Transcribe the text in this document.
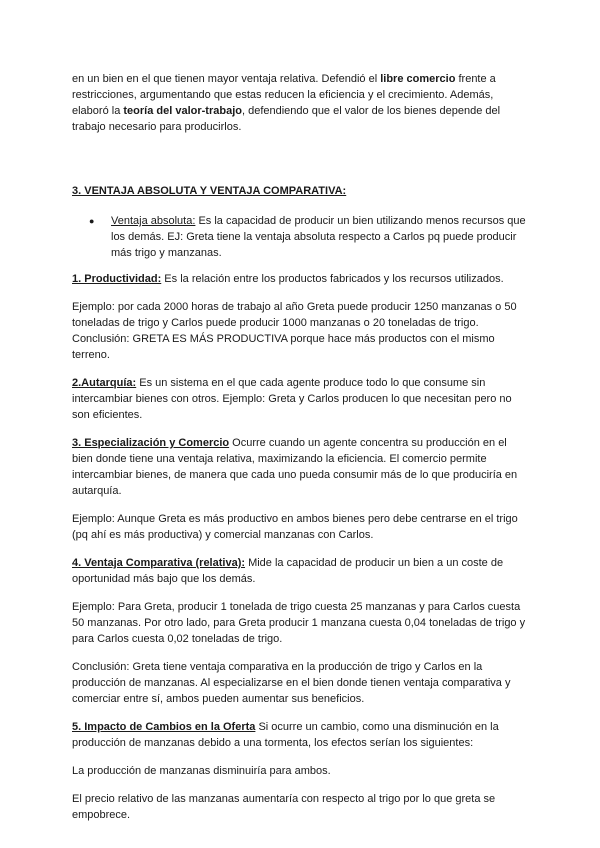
en un bien en el que tienen mayor ventaja relativa. Defendió el libre comercio frente a restricciones, argumentando que estas reducen la eficiencia y el crecimiento. Además, elaboró la teoría del valor-trabajo, defendiendo que el valor de los bienes depende del trabajo necesario para producirlos.

3. VENTAJA ABSOLUTA Y VENTAJA COMPARATIVA:

●	Ventaja absoluta: Es la capacidad de producir un bien utilizando menos recursos que los demás. EJ: Greta tiene la ventaja absoluta respecto a Carlos pq puede producir más trigo y manzanas.

1. Productividad: Es la relación entre los productos fabricados y los recursos utilizados.

Ejemplo: por cada 2000 horas de trabajo al año Greta puede producir 1250 manzanas o 50 toneladas de trigo y Carlos puede producir 1000 manzanas o 20 toneladas de trigo. Conclusión: GRETA ES MÁS PRODUCTIVA porque hace más productos con el mismo terreno.

2.Autarquía: Es un sistema en el que cada agente produce todo lo que consume sin intercambiar bienes con otros. Ejemplo: Greta y Carlos producen lo que necesitan pero no son eficientes.

3. Especialización y Comercio Ocurre cuando un agente concentra su producción en el bien donde tiene una ventaja relativa, maximizando la eficiencia. El comercio permite intercambiar bienes, de manera que cada uno pueda consumir más de lo que produciría en autarquía.

Ejemplo: Aunque Greta es más productivo en ambos bienes pero debe centrarse en el trigo (pq ahí es más productiva) y comercial manzanas con Carlos.

4. Ventaja Comparativa (relativa): Mide la capacidad de producir un bien a un coste de oportunidad más bajo que los demás.

Ejemplo: Para Greta, producir 1 tonelada de trigo cuesta 25 manzanas y para Carlos cuesta 50 manzanas. Por otro lado, para Greta producir 1 manzana cuesta 0,04 toneladas de trigo y para Carlos cuesta 0,02 toneladas de trigo.

Conclusión: Greta tiene ventaja comparativa en la producción de trigo y Carlos en la producción de manzanas. Al especializarse en el bien donde tienen ventaja comparativa y comerciar entre sí, ambos pueden aumentar sus beneficios.

5. Impacto de Cambios en la Oferta Si ocurre un cambio, como una disminución en la producción de manzanas debido a una tormenta, los efectos serían los siguientes:

La producción de manzanas disminuiría para ambos.

El precio relativo de las manzanas aumentaría con respecto al trigo por lo que greta se empobrece.
